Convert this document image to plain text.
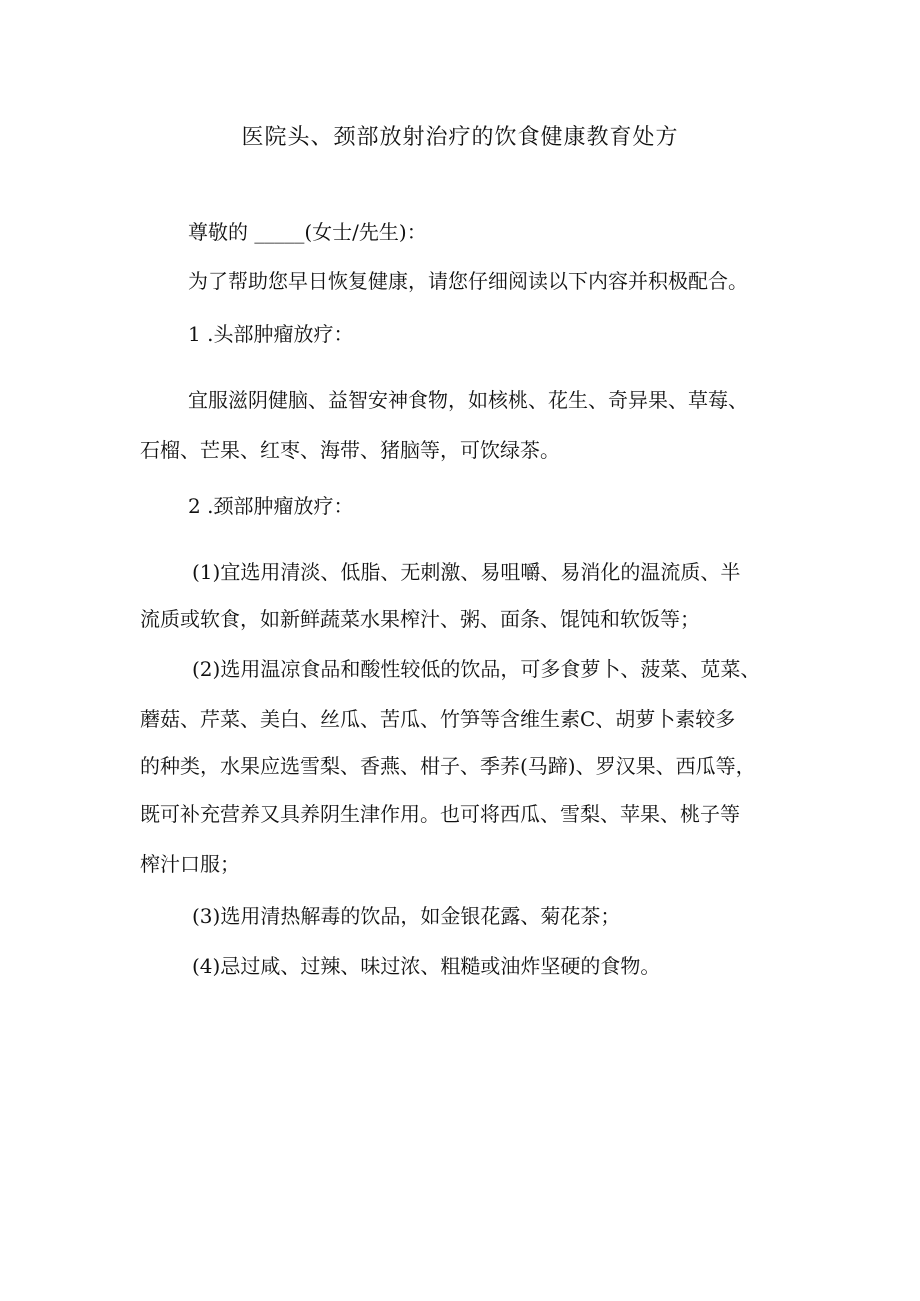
医院头、颈部放射治疗的饮食健康教育处方
尊敬的 _____(女士/先生)：
为了帮助您早日恢复健康，请您仔细阅读以下内容并积极配合。
1 .头部肿瘤放疗：
宜服滋阴健脑、益智安神食物，如核桃、花生、奇异果、草莓、
石榴、芒果、红枣、海带、猪脑等，可饮绿茶。
2 .颈部肿瘤放疗：
(1)宜选用清淡、低脂、无刺激、易咀嚼、易消化的温流质、半
流质或软食，如新鲜蔬菜水果榨汁、粥、面条、馄饨和软饭等；
(2)选用温凉食品和酸性较低的饮品，可多食萝卜、菠菜、苋菜、
蘑菇、芹菜、美白、丝瓜、苦瓜、竹笋等含维生素C、胡萝卜素较多
的种类，水果应选雪梨、香燕、柑子、季荞(马蹄)、罗汉果、西瓜等，
既可补充营养又具养阴生津作用。也可将西瓜、雪梨、苹果、桃子等
榨汁口服；
(3)选用清热解毒的饮品，如金银花露、菊花茶；
(4)忌过咸、过辣、味过浓、粗糙或油炸坚硬的食物。
